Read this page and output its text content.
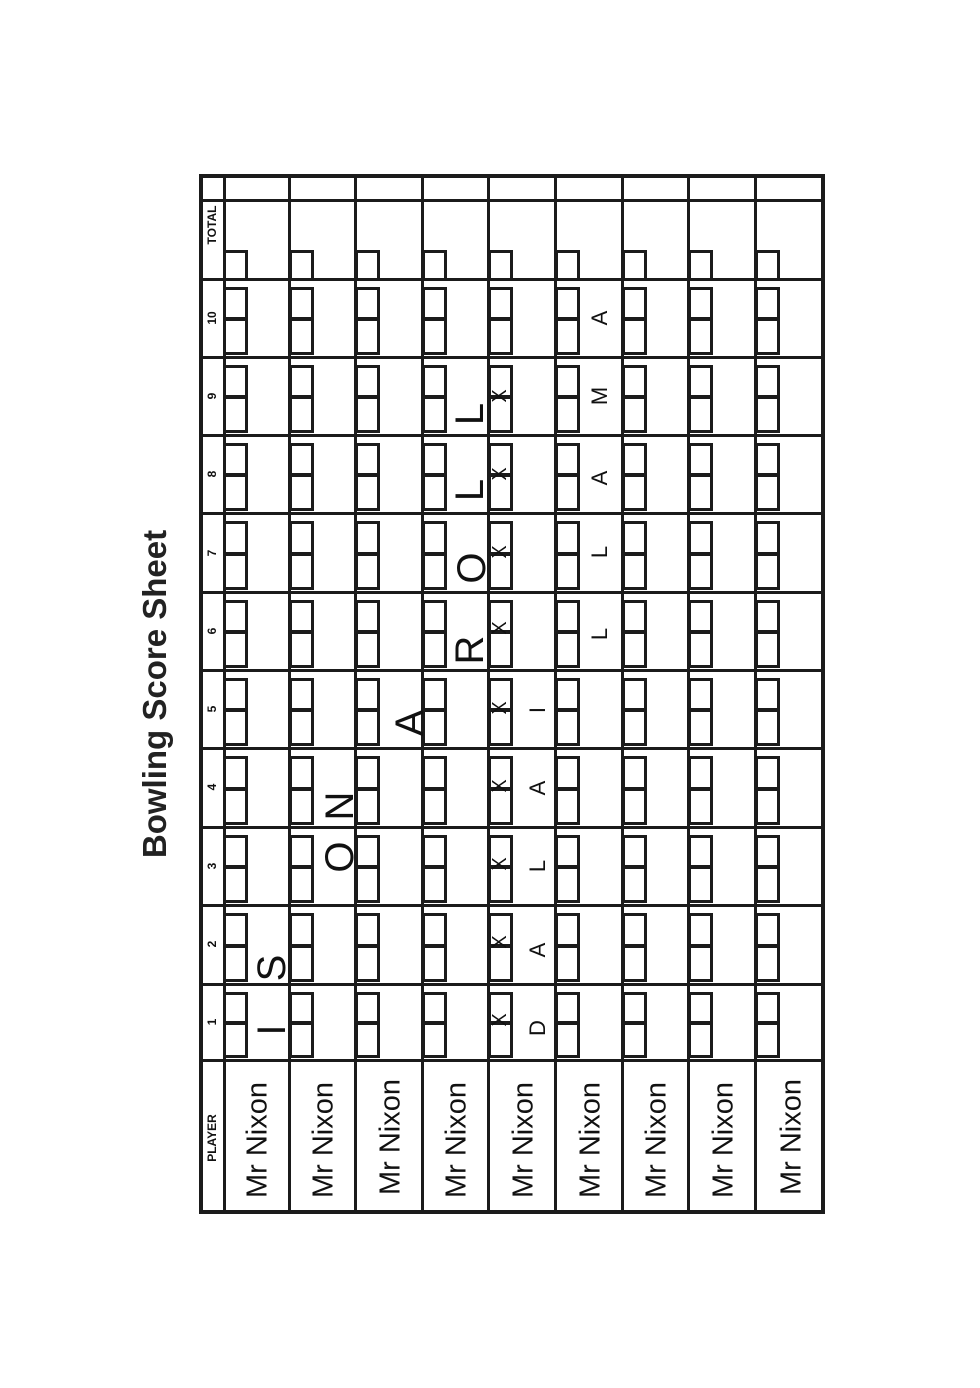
Bowling Score Sheet
PLAYER
1
2
3
4
5
6
7
8
9
10
TOTAL
Mr Nixon Mr Nixon Mr Nixon Mr Nixon Mr Nixon Mr Nixon Mr Nixon Mr Nixon Mr Nixon
X
X
X
X
X
X
X
X
X
I
S
O
N
A
R
O
L
L
D
A
L
A
I
L
L
A
M
A
